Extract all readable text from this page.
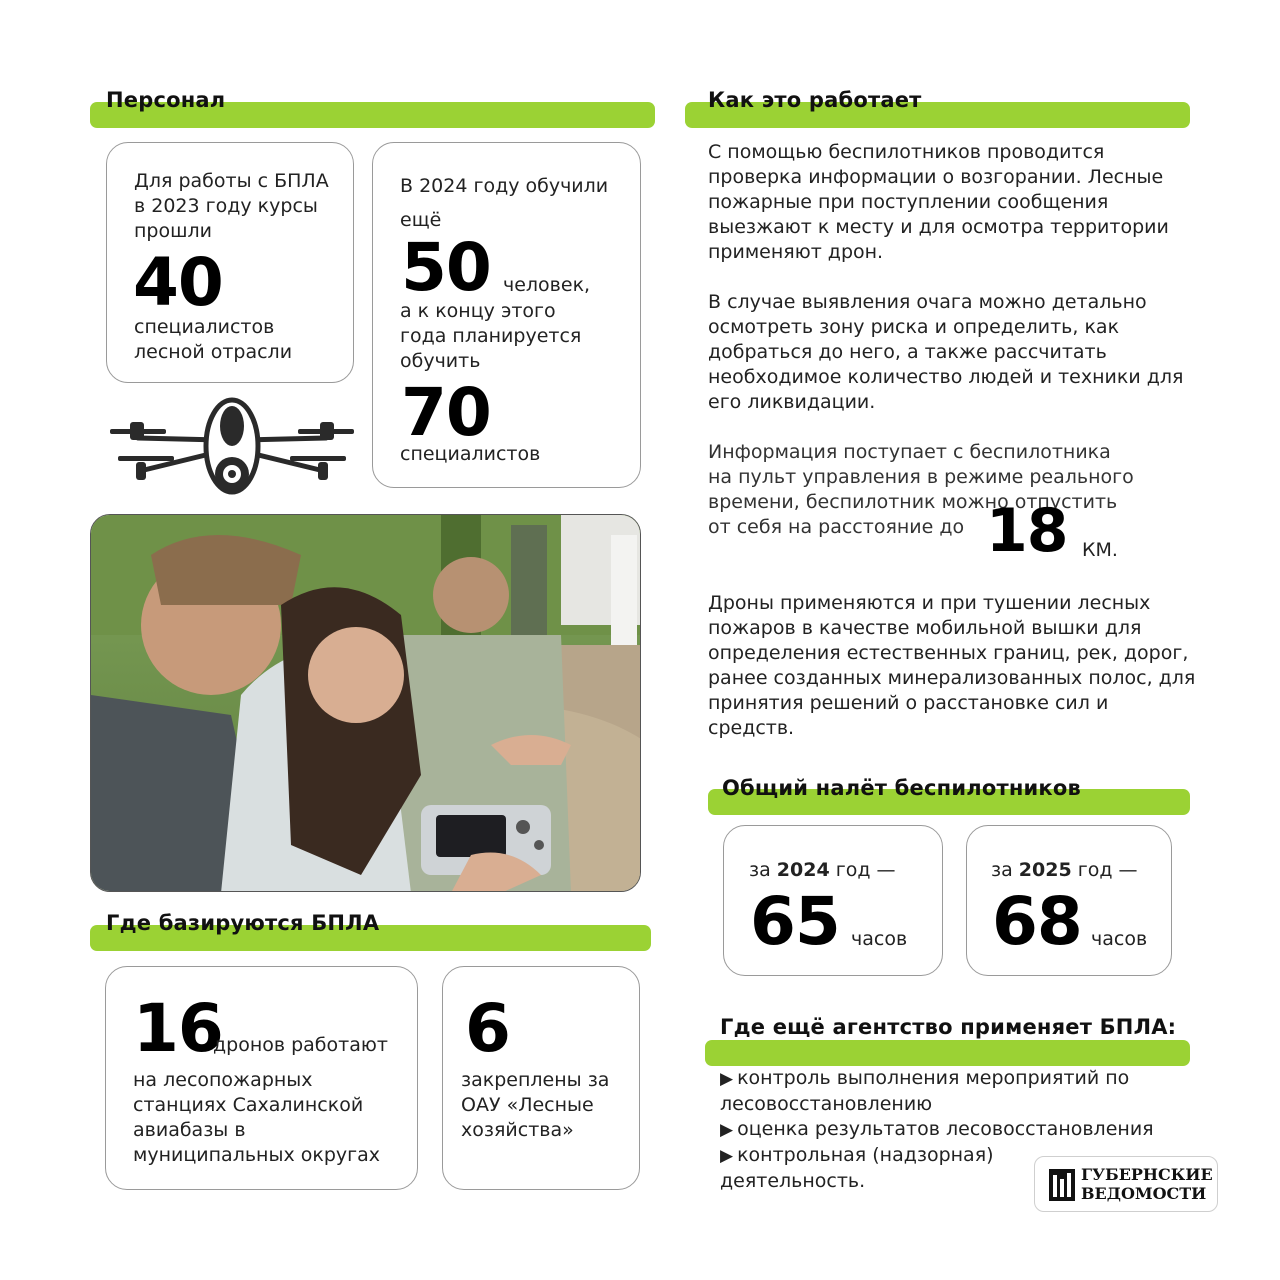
Персонал
Для работы с БПЛА в 2023 году курсы прошли
40
специалистов лесной отрасли
В 2024 году обучили ещё
50 человек,
а к концу этого года планируется обучить
70
специалистов
Где базируются БПЛА
16
дронов работают
на лесопожарных станциях Сахалинской авиабазы в муниципальных округах
6
закреплены за ОАУ «Лесные хозяйства»
Как это работает

С помощью беспилотников проводится проверка информации о возгорании. Лесные пожарные при поступлении сообщения выезжают к месту и для осмотра территории применяют дрон.

В случае выявления очага можно детально осмотреть зону риска и определить, как добраться до него, а также рассчитать необходимое количество людей и техники для его ликвидации.

Информация поступает с беспилотника на пульт управления в режиме реального времени, беспилотник можно отпустить от себя на расстояние до 18 КМ.

Дроны применяются и при тушении лесных пожаров в качестве мобильной вышки для определения естественных границ, рек, дорог, ранее созданных минерализованных полос, для принятия решений о расстановке сил и средств.

Общий налёт беспилотников
за 2024 год —
65 часов
за 2025 год —
68 часов
Где ещё агентство применяет БПЛА:
▶ контроль выполнения мероприятий по лесовосстановлению
▶ оценка результатов лесовосстановления
▶ контрольная (надзорная) деятельность.	ГУБЕРНСКИЕ
ВЕДОМОСТИ
